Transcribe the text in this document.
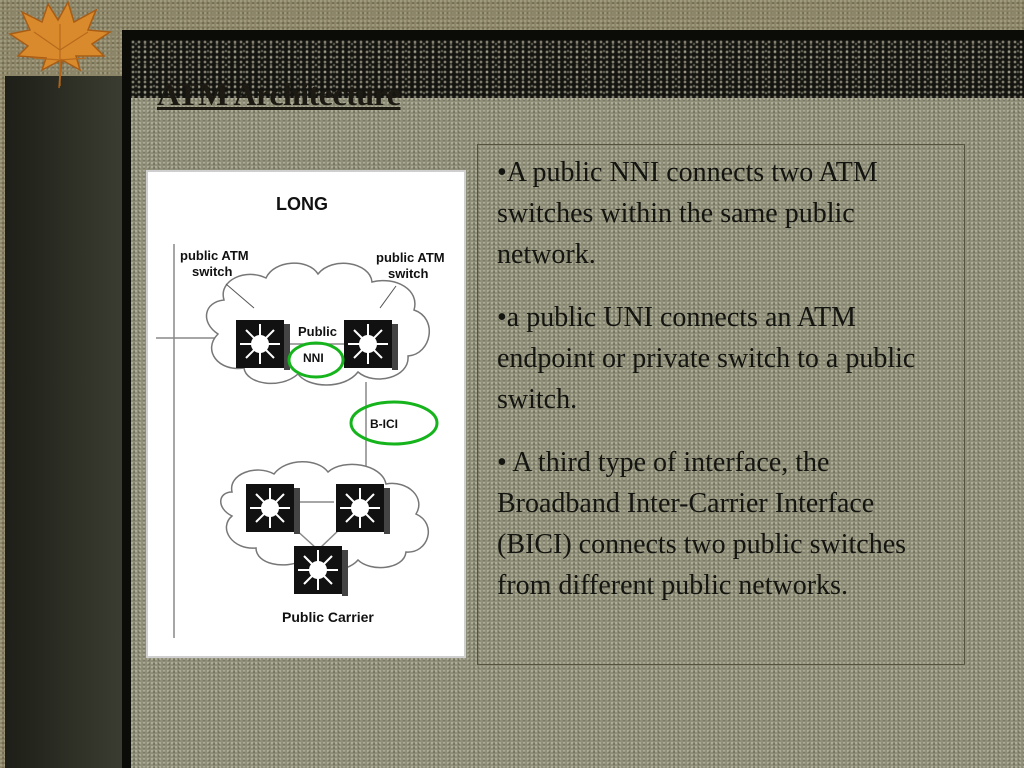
ATM Architecture
LONG
public ATM
switch
public ATM
switch
Public
NNI
B-ICI
Public Carrier

•A public NNI connects two ATM switches within the same public network.

•a public UNI connects an ATM endpoint or private switch to a public switch.

• A third type of interface, the Broadband Inter-Carrier Interface (BICI) connects two public switches from different public networks.
